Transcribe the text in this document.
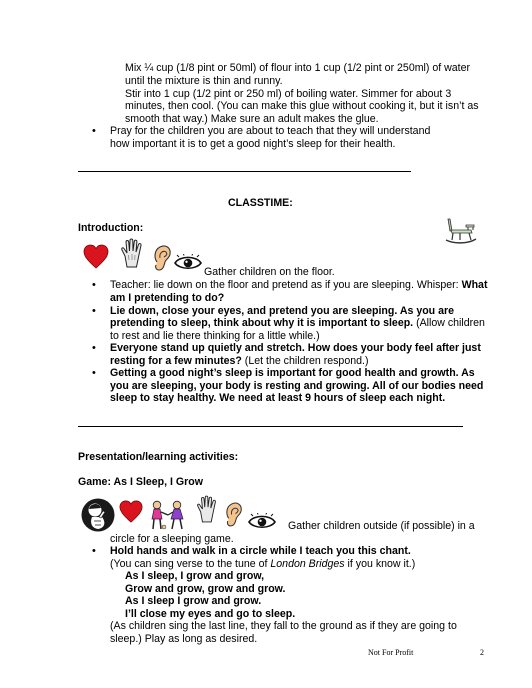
Mix ¼ cup (1/8 pint or 50ml) of flour into 1 cup (1/2 pint or 250ml) of water
until the mixture is thin and runny.
Stir into 1 cup (1/2 pint or 250 ml) of boiling water. Simmer for about 3
minutes, then cool. (You can make this glue without cooking it, but it isn’t as
smooth that way.) Make sure an adult makes the glue.
• Pray for the children you are about to teach that they will understand
how important it is to get a good night’s sleep for their health.
CLASSTIME:
Introduction:
Gather children on the floor.
• Teacher: lie down on the floor and pretend as if you are sleeping. Whisper: What
am I pretending to do?
• Lie down, close your eyes, and pretend you are sleeping. As you are
pretending to sleep, think about why it is important to sleep. (Allow children
to rest and lie there thinking for a little while.)
• Everyone stand up quietly and stretch. How does your body feel after just
resting for a few minutes? (Let the children respond.)
• Getting a good night’s sleep is important for good health and growth. As
you are sleeping, your body is resting and growing. All of our bodies need
sleep to stay healthy. We need at least 9 hours of sleep each night.
Presentation/learning activities:
Game: As I Sleep, I Grow
Gather children outside (if possible) in a
circle for a sleeping game.
• Hold hands and walk in a circle while I teach you this chant.
(You can sing verse to the tune of London Bridges if you know it.)
As I sleep, I grow and grow,
Grow and grow, grow and grow.
As I sleep I grow and grow.
I’ll close my eyes and go to sleep.
(As children sing the last line, they fall to the ground as if they are going to
sleep.) Play as long as desired.
Not For Profit	2
